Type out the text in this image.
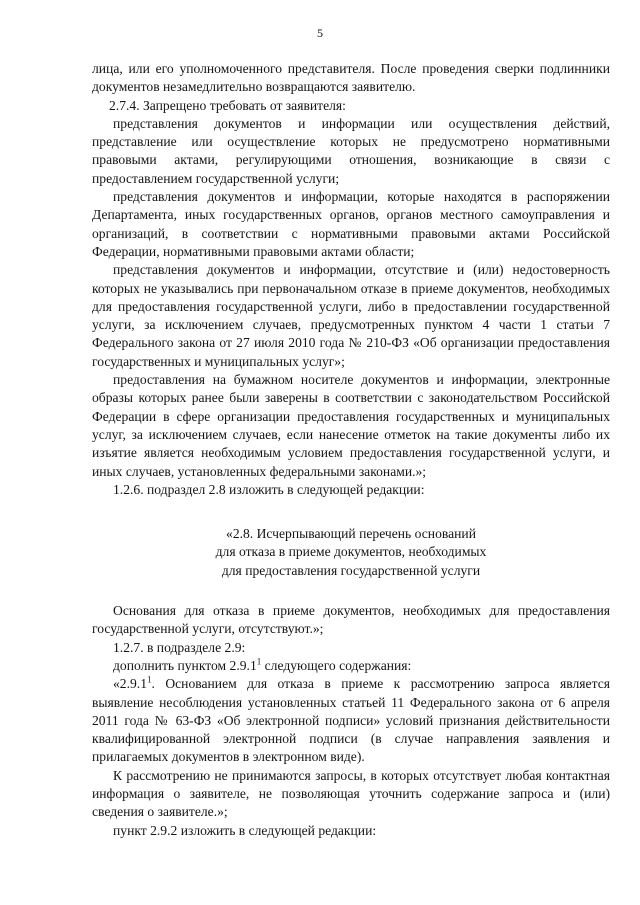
5

лица, или его уполномоченного представителя. После проведения сверки подлинники документов незамедлительно возвращаются заявителю.

2.7.4. Запрещено требовать от заявителя:

представления документов и информации или осуществления действий, представление или осуществление которых не предусмотрено нормативными правовыми актами, регулирующими отношения, возникающие в связи с предоставлением государственной услуги;

представления документов и информации, которые находятся в распоряжении Департамента, иных государственных органов, органов местного самоуправления и организаций, в соответствии с нормативными правовыми актами Российской Федерации, нормативными правовыми актами области;

представления документов и информации, отсутствие и (или) недостоверность которых не указывались при первоначальном отказе в приеме документов, необходимых для предоставления государственной услуги, либо в предоставлении государственной услуги, за исключением случаев, предусмотренных пунктом 4 части 1 статьи 7 Федерального закона от 27 июля 2010 года № 210-ФЗ «Об организации предоставления государственных и муниципальных услуг»;

предоставления на бумажном носителе документов и информации, электронные образы которых ранее были заверены в соответствии с законодательством Российской Федерации в сфере организации предоставления государственных и муниципальных услуг, за исключением случаев, если нанесение отметок на такие документы либо их изъятие является необходимым условием предоставления государственной услуги, и иных случаев, установленных федеральными законами.»;

1.2.6. подраздел 2.8 изложить в следующей редакции:

«2.8. Исчерпывающий перечень оснований

для отказа в приеме документов, необходимых

для предоставления государственной услуги

Основания для отказа в приеме документов, необходимых для предоставления государственной услуги, отсутствуют.»;

1.2.7. в подразделе 2.9:

дополнить пунктом 2.9.1$^1$ следующего содержания:

«2.9.1$^1$. Основанием для отказа в приеме к рассмотрению запроса является выявление несоблюдения установленных статьей 11 Федерального закона от 6 апреля 2011 года № 63-ФЗ «Об электронной подписи» условий признания действительности квалифицированной электронной подписи (в случае направления заявления и прилагаемых документов в электронном виде).

К рассмотрению не принимаются запросы, в которых отсутствует любая контактная информация о заявителе, не позволяющая уточнить содержание запроса и (или) сведения о заявителе.»;

пункт 2.9.2 изложить в следующей редакции:
